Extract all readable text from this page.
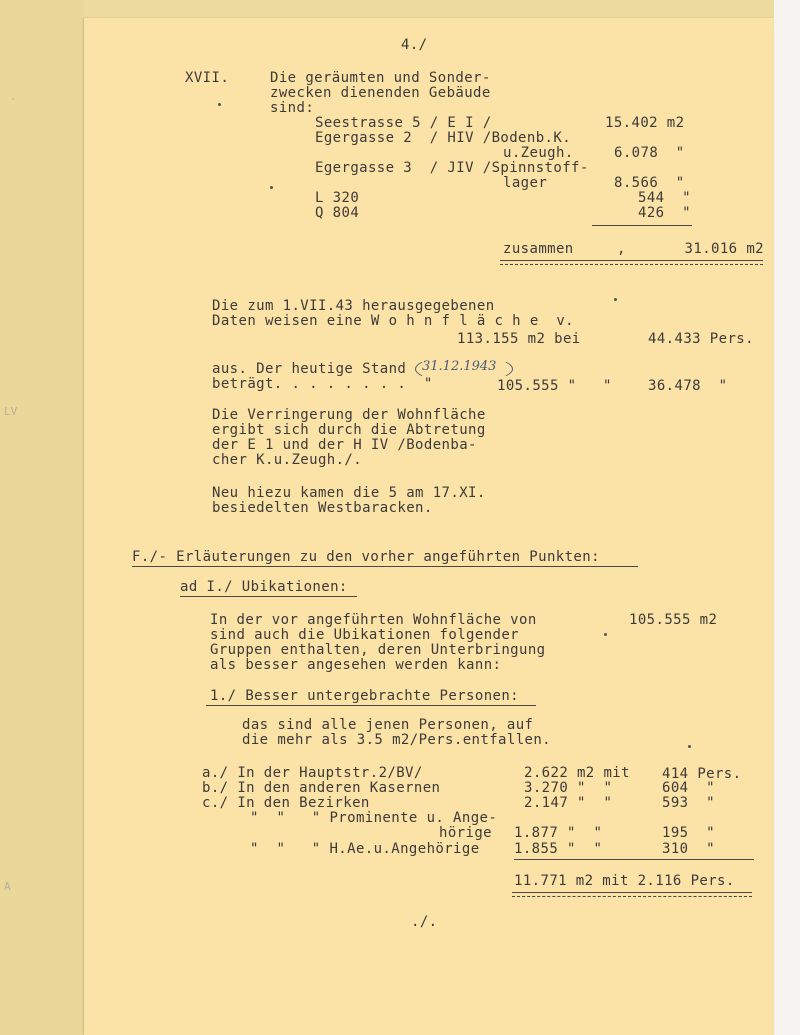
.
LV
A
4./
XVII.	Die geräumten und Sonder-
zwecken dienenden Gebäude
sind:
Seestrasse 5 / E I /	15.402 m2
Egergasse 2  / HIV /Bodenb.K.
u.Zeugh.	6.078  "
Egergasse 3  / JIV /Spinnstoff-
lager	8.566  "
L 320	544  "
Q 804	426  "
zusammen	,	31.016 m2
Die zum 1.VII.43 herausgegebenen
Daten weisen eine W o h n f l ä c h e  v.
113.155 m2 bei	44.433 Pers.
aus. Der heutige Stand 31.12.1943
beträgt. . . . . . . .  "	105.555 "   "	36.478  "
Die Verringerung der Wohnfläche
ergibt sich durch die Abtretung
der E 1 und der H IV /Bodenba-
cher K.u.Zeugh./.
Neu hiezu kamen die 5 am 17.XI.
besiedelten Westbaracken.
F./- Erläuterungen zu den vorher angeführten Punkten:
ad I./ Ubikationen:
In der vor angeführten Wohnfläche von	105.555 m2
sind auch die Ubikationen folgender
Gruppen enthalten, deren Unterbringung
als besser angesehen werden kann:
1./ Besser untergebrachte Personen:
das sind alle jenen Personen, auf
die mehr als 3.5 m2/Pers.entfallen.
a./ In der Hauptstr.2/BV/	2.622 m2 mit 414 Pers.
b./ In den anderen Kasernen	3.270 "  "	604  "
c./ In den Bezirken	2.147 "  "	593  "
"  "   " Prominente u. Ange-
hörige 1.877 "  "	195  "
"  "   " H.Ae.u.Angehörige 1.855 "  "	310  "
11.771 m2 mit 2.116 Pers.
./.
